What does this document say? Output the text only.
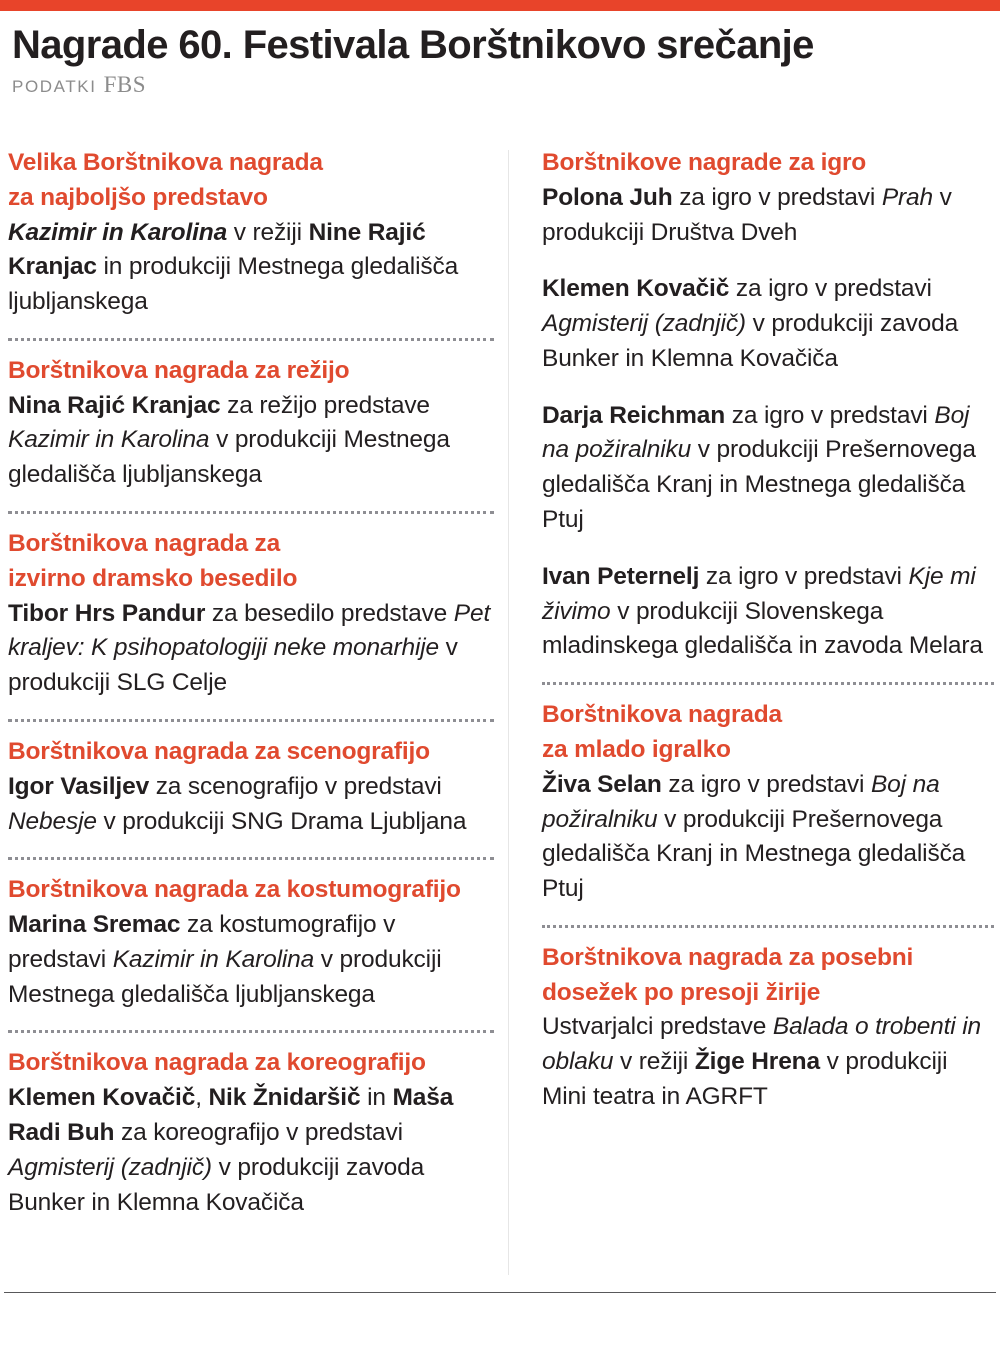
Nagrade 60. Festivala Borštnikovo srečanje
PODATKI FBS
Velika Borštnikova nagrada
za najboljšo predstavo

Kazimir in Karolina v režiji Nine Rajić Kranjac in produkciji Mestnega gledališča ljubljanskega

Borštnikova nagrada za režijo

Nina Rajić Kranjac za režijo predstave Kazimir in Karolina v produkciji Mestnega gledališča ljubljanskega

Borštnikova nagrada za
izvirno dramsko besedilo

Tibor Hrs Pandur za besedilo predstave Pet kraljev: K psihopatologiji neke monarhije v produkciji SLG Celje

Borštnikova nagrada za scenografijo

Igor Vasiljev za scenografijo v predstavi Nebesje v produkciji SNG Drama Ljubljana

Borštnikova nagrada za kostumografijo

Marina Sremac za kostumografijo v predstavi Kazimir in Karolina v produkciji Mestnega gledališča ljubljanskega

Borštnikova nagrada za koreografijo

Klemen Kovačič, Nik Žnidaršič in Maša Radi Buh za koreografijo v predstavi Agmisterij (zadnjič) v produkciji zavoda Bunker in Klemna Kovačiča

Borštnikove nagrade za igro

Polona Juh za igro v predstavi Prah v produkciji Društva Dveh

Klemen Kovačič za igro v predstavi Agmisterij (zadnjič) v produkciji zavoda Bunker in Klemna Kovačiča

Darja Reichman za igro v predstavi Boj na požiralniku v produkciji Prešernovega gledališča Kranj in Mestnega gledališča Ptuj

Ivan Peternelj za igro v predstavi Kje mi živimo v produkciji Slovenskega mladinskega gledališča in zavoda Melara

Borštnikova nagrada
za mlado igralko

Živa Selan za igro v predstavi Boj na požiralniku v produkciji Prešernovega gledališča Kranj in Mestnega gledališča Ptuj

Borštnikova nagrada za posebni
dosežek po presoji žirije

Ustvarjalci predstave Balada o trobenti in oblaku v režiji Žige Hrena v produkciji Mini teatra in AGRFT
